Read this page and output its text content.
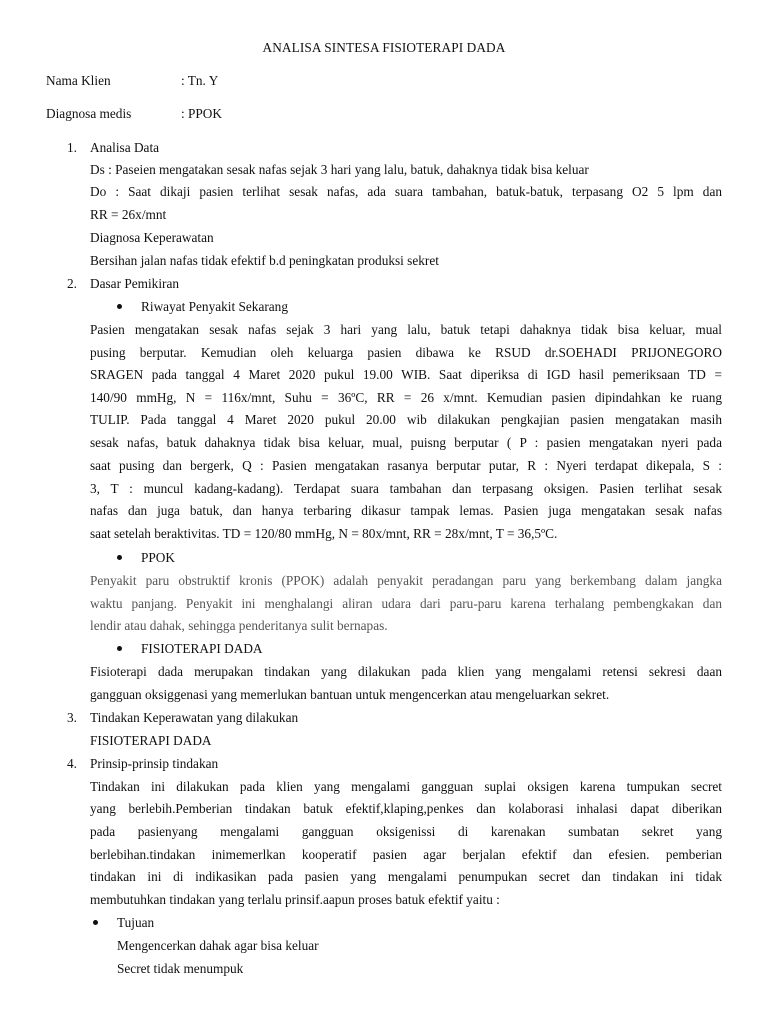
ANALISA SINTESA FISIOTERAPI DADA
Nama Klien	: Tn. Y
Diagnosa medis	: PPOK
1. Analisa Data
Ds : Paseien mengatakan sesak nafas sejak 3 hari yang lalu, batuk, dahaknya tidak bisa keluar
Do : Saat dikaji pasien terlihat sesak nafas, ada suara tambahan, batuk-batuk, terpasang O2 5 lpm dan
RR = 26x/mnt
Diagnosa Keperawatan
Bersihan jalan nafas tidak efektif b.d peningkatan produksi sekret
2. Dasar Pemikiran
Riwayat Penyakit Sekarang
Pasien mengatakan sesak nafas sejak 3 hari yang lalu, batuk tetapi dahaknya tidak bisa keluar, mual
pusing berputar. Kemudian oleh keluarga pasien dibawa ke RSUD dr.SOEHADI PRIJONEGORO
SRAGEN pada tanggal 4 Maret 2020 pukul 19.00 WIB. Saat diperiksa di IGD hasil pemeriksaan TD =
140/90 mmHg, N = 116x/mnt, Suhu = 36ºC, RR = 26 x/mnt. Kemudian pasien dipindahkan ke ruang
TULIP. Pada tanggal 4 Maret 2020 pukul 20.00 wib dilakukan pengkajian pasien mengatakan masih
sesak nafas, batuk dahaknya tidak bisa keluar, mual, puisng berputar ( P : pasien mengatakan nyeri pada
saat pusing dan bergerk, Q : Pasien mengatakan rasanya berputar putar, R : Nyeri terdapat dikepala, S :
3, T : muncul kadang-kadang). Terdapat suara tambahan dan terpasang oksigen. Pasien terlihat sesak
nafas dan juga batuk, dan hanya terbaring dikasur tampak lemas. Pasien juga mengatakan sesak nafas
saat setelah beraktivitas. TD = 120/80 mmHg, N = 80x/mnt, RR = 28x/mnt, T = 36,5ºC.
PPOK
Penyakit paru obstruktif kronis (PPOK) adalah penyakit peradangan paru yang berkembang dalam jangka
waktu panjang. Penyakit ini menghalangi aliran udara dari paru-paru karena terhalang pembengkakan dan
lendir atau dahak, sehingga penderitanya sulit bernapas.
FISIOTERAPI DADA
Fisioterapi dada merupakan tindakan yang dilakukan pada klien yang mengalami retensi sekresi daan
gangguan oksiggenasi yang memerlukan bantuan untuk mengencerkan atau mengeluarkan sekret.
3. Tindakan Keperawatan yang dilakukan
FISIOTERAPI DADA
4. Prinsip-prinsip tindakan
Tindakan ini dilakukan pada klien yang mengalami gangguan suplai oksigen karena tumpukan secret
yang berlebih.Pemberian tindakan batuk efektif,klaping,penkes dan kolaborasi inhalasi dapat diberikan
pada pasienyang mengalami gangguan oksigenissi di karenakan sumbatan sekret yang
berlebihan.tindakan inimemerlkan kooperatif pasien agar berjalan efektif dan efesien. pemberian
tindakan ini di indikasikan pada pasien yang mengalami penumpukan secret dan tindakan ini tidak
membutuhkan tindakan yang terlalu prinsif.aapun proses batuk efektif yaitu :
Tujuan
Mengencerkan dahak agar bisa keluar
Secret tidak menumpuk
